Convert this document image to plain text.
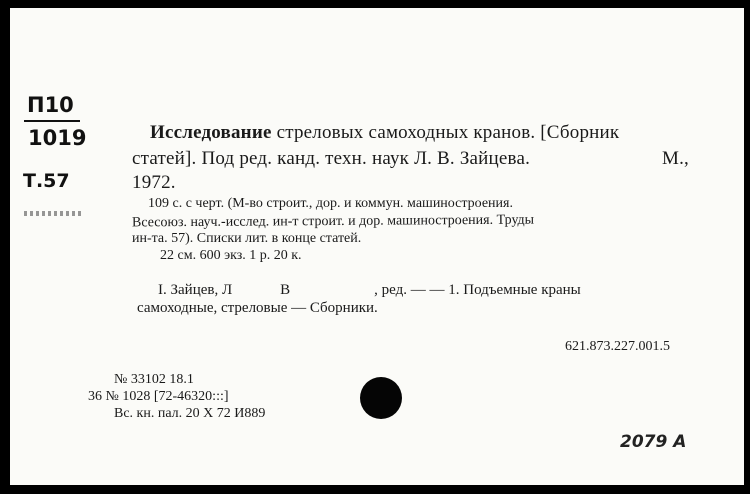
П10
1019
Т.57
Исследование стреловых самоходных кранов. [Сборник
статей]. Под ред. канд. техн. наук Л. В. Зайцева.	М.,
1972.
109 с. с черт. (М-во строит., дор. и коммун. машиностроения.
Всесоюз. науч.-исслед. ин-т строит. и дор. машиностроения. Труды
ин-та. 57). Списки лит. в конце статей.
22 см. 600 экз. 1 р. 20 к.
I. Зайцев, Л	В	, ред. — — 1. Подъемные краны
самоходные, стреловые — Сборники.
621.873.227.001.5
№ 33102 18.1
36 № 1028 [72-46320:::]
Вс. кн. пал. 20 X 72 И889
2079 А
